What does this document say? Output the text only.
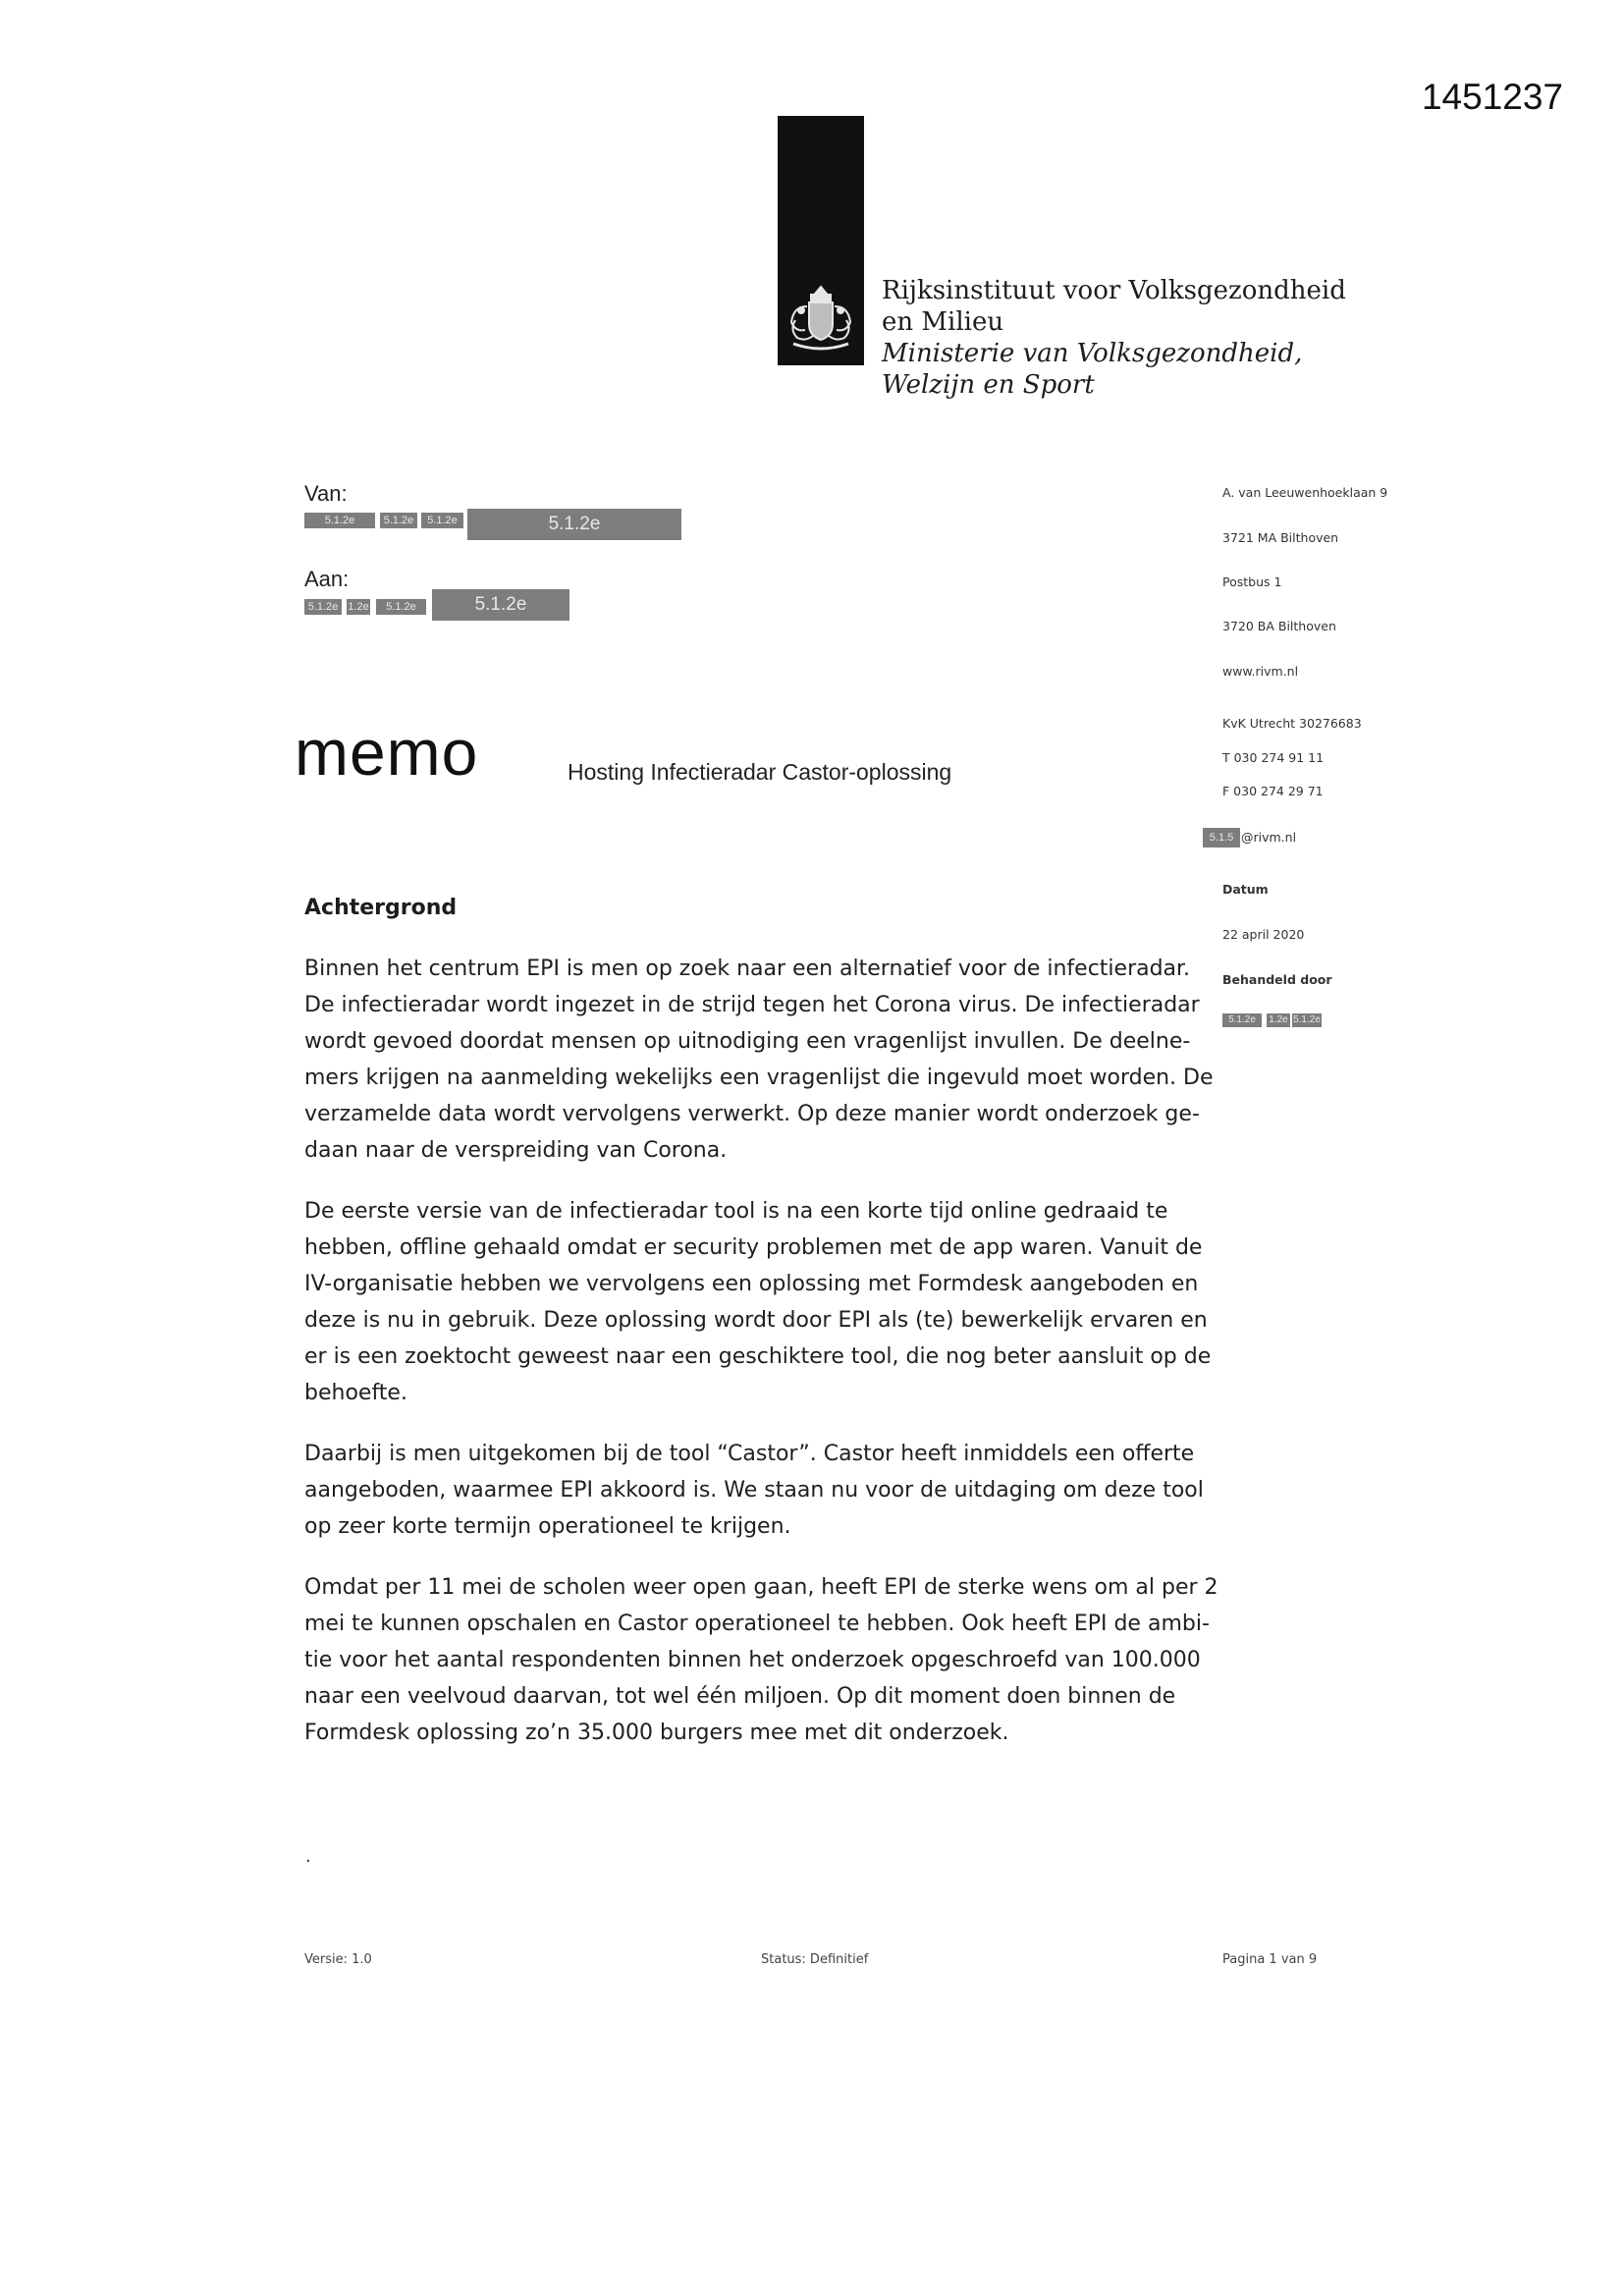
1451237
Rijksinstituut voor Volksgezondheid
en Milieu
Ministerie van Volksgezondheid,
Welzijn en Sport
Van:
5.1.2e	5.1.2e	5.1.2e	5.1.2e
Aan:
5.1.2e 1.2e	5.1.2e	5.1.2e
memo	Hosting Infectieradar Castor-oplossing
A. van Leeuwenhoeklaan 9
3721 MA Bilthoven
Postbus 1
3720 BA Bilthoven
www.rivm.nl
KvK Utrecht 30276683
T 030 274 91 11
F 030 274 29 71
5.1.5 @rivm.nl
Datum
22 april 2020
Behandeld door
5.1.2e	1.2e 5.1.2e
Achtergrond
Binnen het centrum EPI is men op zoek naar een alternatief voor de infectieradar.
De infectieradar wordt ingezet in de strijd tegen het Corona virus. De infectieradar
wordt gevoed doordat mensen op uitnodiging een vragenlijst invullen. De deelne-
mers krijgen na aanmelding wekelijks een vragenlijst die ingevuld moet worden. De
verzamelde data wordt vervolgens verwerkt. Op deze manier wordt onderzoek ge-
daan naar de verspreiding van Corona.
De eerste versie van de infectieradar tool is na een korte tijd online gedraaid te
hebben, offline gehaald omdat er security problemen met de app waren. Vanuit de
IV-organisatie hebben we vervolgens een oplossing met Formdesk aangeboden en
deze is nu in gebruik. Deze oplossing wordt door EPI als (te) bewerkelijk ervaren en
er is een zoektocht geweest naar een geschiktere tool, die nog beter aansluit op de
behoefte.
Daarbij is men uitgekomen bij de tool “Castor”. Castor heeft inmiddels een offerte
aangeboden, waarmee EPI akkoord is. We staan nu voor de uitdaging om deze tool
op zeer korte termijn operationeel te krijgen.
Omdat per 11 mei de scholen weer open gaan, heeft EPI de sterke wens om al per 2
mei te kunnen opschalen en Castor operationeel te hebben. Ook heeft EPI de ambi-
tie voor het aantal respondenten binnen het onderzoek opgeschroefd van 100.000
naar een veelvoud daarvan, tot wel één miljoen. Op dit moment doen binnen de
Formdesk oplossing zo’n 35.000 burgers mee met dit onderzoek.
.
Versie: 1.0	Status: Definitief	Pagina 1 van 9
